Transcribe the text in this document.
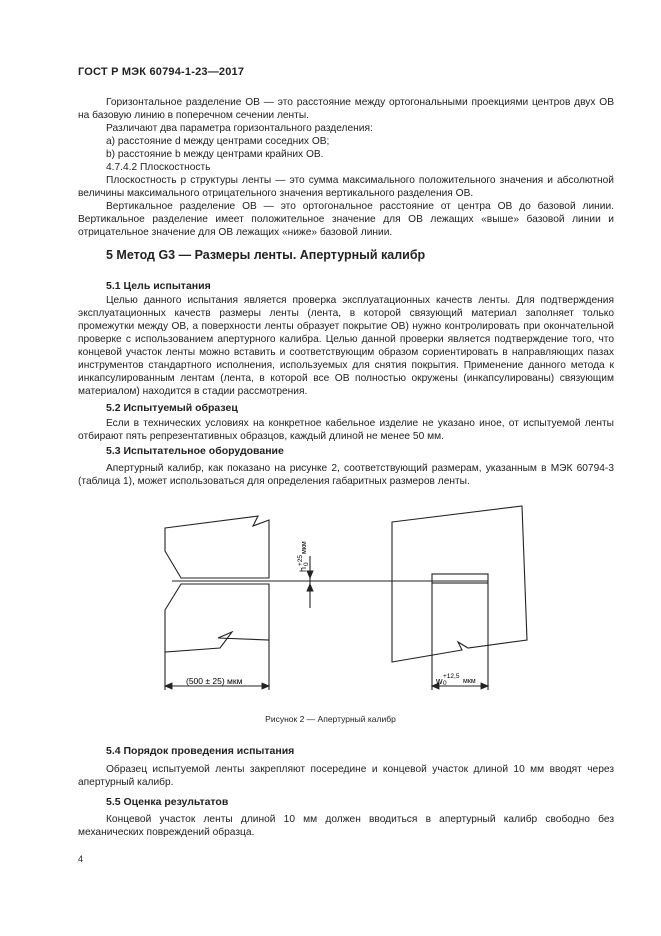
ГОСТ Р МЭК 60794-1-23—2017
Горизонтальное разделение ОВ — это расстояние между ортогональными проекциями центров двух ОВ на базовую линию в поперечном сечении ленты.
Различают два параметра горизонтального разделения:
a) расстояние d между центрами соседних ОВ;
b) расстояние b между центрами крайних ОВ.
4.7.4.2 Плоскостность
Плоскостность p структуры ленты — это сумма максимального положительного значения и абсолютной величины максимального отрицательного значения вертикального разделения ОВ.
Вертикальное разделение ОВ — это ортогональное расстояние от центра ОВ до базовой линии. Вертикальное разделение имеет положительное значение для ОВ лежащих «выше» базовой линии и отрицательное значение для ОВ лежащих «ниже» базовой линии.
5 Метод G3 — Размеры ленты. Апертурный калибр
5.1 Цель испытания
Целью данного испытания является проверка эксплуатационных качеств ленты. Для подтверждения эксплуатационных качеств размеры ленты (лента, в которой связующий материал заполняет только промежутки между ОВ, а поверхности ленты образует покрытие ОВ) нужно контролировать при окончательной проверке с использованием апертурного калибра. Целью данной проверки является подтверждение того, что концевой участок ленты можно вставить и соответствующим образом сориентировать в направляющих пазах инструментов стандартного исполнения, используемых для снятия покрытия. Применение данного метода к инкапсулированным лентам (лента, в которой все ОВ полностью окружены (инкапсулированы) связующим материалом) находится в стадии рассмотрения.
5.2 Испытуемый образец
Если в технических условиях на конкретное кабельное изделие не указано иное, от испытуемой ленты отбирают пять репрезентативных образцов, каждый длиной не менее 50 мм.
5.3 Испытательное оборудование
Апертурный калибр, как показано на рисунке 2, соответствующий размерам, указанным в МЭК 60794-3 (таблица 1), может использоваться для определения габаритных размеров ленты.
(500 ± 25) мкм
h
+25 0
мкм
w +12,5
0 мкм
Рисунок 2 — Апертурный калибр
5.4 Порядок проведения испытания
Образец испытуемой ленты закрепляют посередине и концевой участок длиной 10 мм вводят через апертурный калибр.
5.5 Оценка результатов
Концевой участок ленты длиной 10 мм должен вводиться в апертурный калибр свободно без механических повреждений образца.
4
